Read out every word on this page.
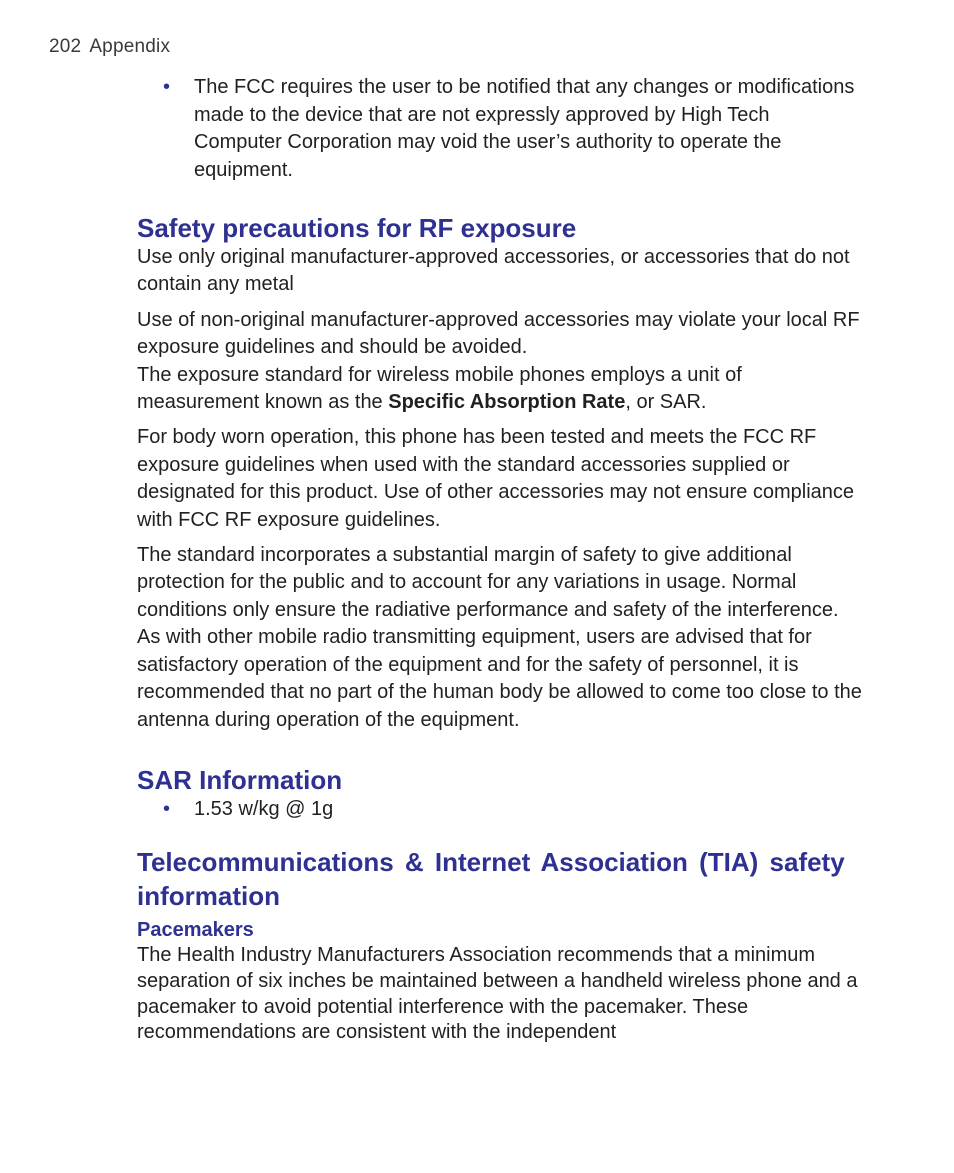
202 Appendix
• The FCC requires the user to be notified that any changes or modifications made to the device that are not expressly approved by High Tech Computer Corporation may void the user’s authority to operate the equipment.
Safety precautions for RF exposure

Use only original manufacturer-approved accessories, or accessories that do not contain any metal

Use of non-original manufacturer-approved accessories may violate your local RF exposure guidelines and should be avoided.
The exposure standard for wireless mobile phones employs a unit of measurement known as the Specific Absorption Rate, or SAR.

For body worn operation, this phone has been tested and meets the FCC RF exposure guidelines when used with the standard accessories supplied or designated for this product. Use of other accessories may not ensure compliance with FCC RF exposure guidelines.

The standard incorporates a substantial margin of safety to give additional protection for the public and to account for any variations in usage. Normal conditions only ensure the radiative performance and safety of the interference. As with other mobile radio transmitting equipment, users are advised that for satisfactory operation of the equipment and for the safety of personnel, it is recommended that no part of the human body be allowed to come too close to the antenna during operation of the equipment.

SAR Information
• 1.53 w/kg @ 1g
Telecommunications & Internet Association (TIA) safety information
Pacemakers

The Health Industry Manufacturers Association recommends that a minimum separation of six inches be maintained between a handheld wireless phone and a pacemaker to avoid potential interference with the pacemaker. These recommendations are consistent with the independent
